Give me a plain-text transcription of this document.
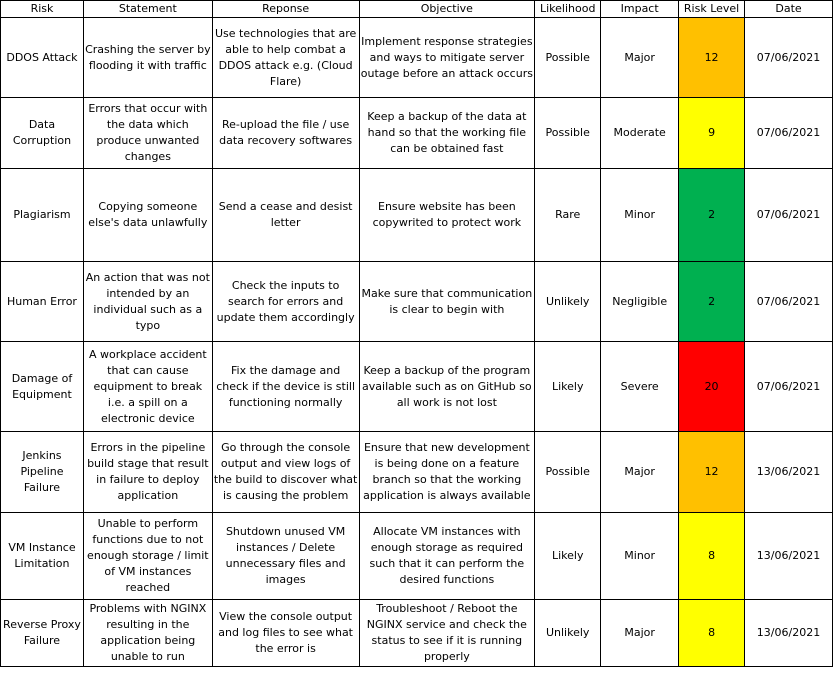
Risk	Statement	Reponse	Objective	Likelihood	Impact	Risk Level	Date
DDOS Attack	Crashing the server by flooding it with traffic	Use technologies that are able to help combat a DDOS attack e.g. (Cloud Flare)	Implement response strategies and ways to mitigate server outage before an attack occurs	Possible	Major	12	07/06/2021
Data Corruption	Errors that occur with the data which produce unwanted changes	Re-upload the file / use data recovery softwares	Keep a backup of the data at hand so that the working file can be obtained fast	Possible	Moderate	9	07/06/2021
Plagiarism	Copying someone else's data unlawfully	Send a cease and desist letter	Ensure website has been copywrited to protect work	Rare	Minor	2	07/06/2021
Human Error	An action that was not intended by an individual such as a typo	Check the inputs to search for errors and update them accordingly	Make sure that communication is clear to begin with	Unlikely	Negligible	2	07/06/2021
Damage of Equipment	A workplace accident that can cause equipment to break i.e. a spill on a electronic device	Fix the damage and check if the device is still functioning normally	Keep a backup of the program available such as on GitHub so all work is not lost	Likely	Severe	20	07/06/2021
Jenkins Pipeline Failure	Errors in the pipeline build stage that result in failure to deploy application	Go through the console output and view logs of the build to discover what is causing the problem	Ensure that new development is being done on a feature branch so that the working application is always available	Possible	Major	12	13/06/2021
VM Instance Limitation	Unable to perform functions due to not enough storage / limit of VM instances reached	Shutdown unused VM instances / Delete unnecessary files and images	Allocate VM instances with enough storage as required such that it can perform the desired functions	Likely	Minor	8	13/06/2021
Reverse Proxy Failure	Problems with NGINX resulting in the application being unable to run	View the console output and log files to see what the error is	Troubleshoot / Reboot the NGINX service and check the status to see if it is running properly	Unlikely	Major	8	13/06/2021
